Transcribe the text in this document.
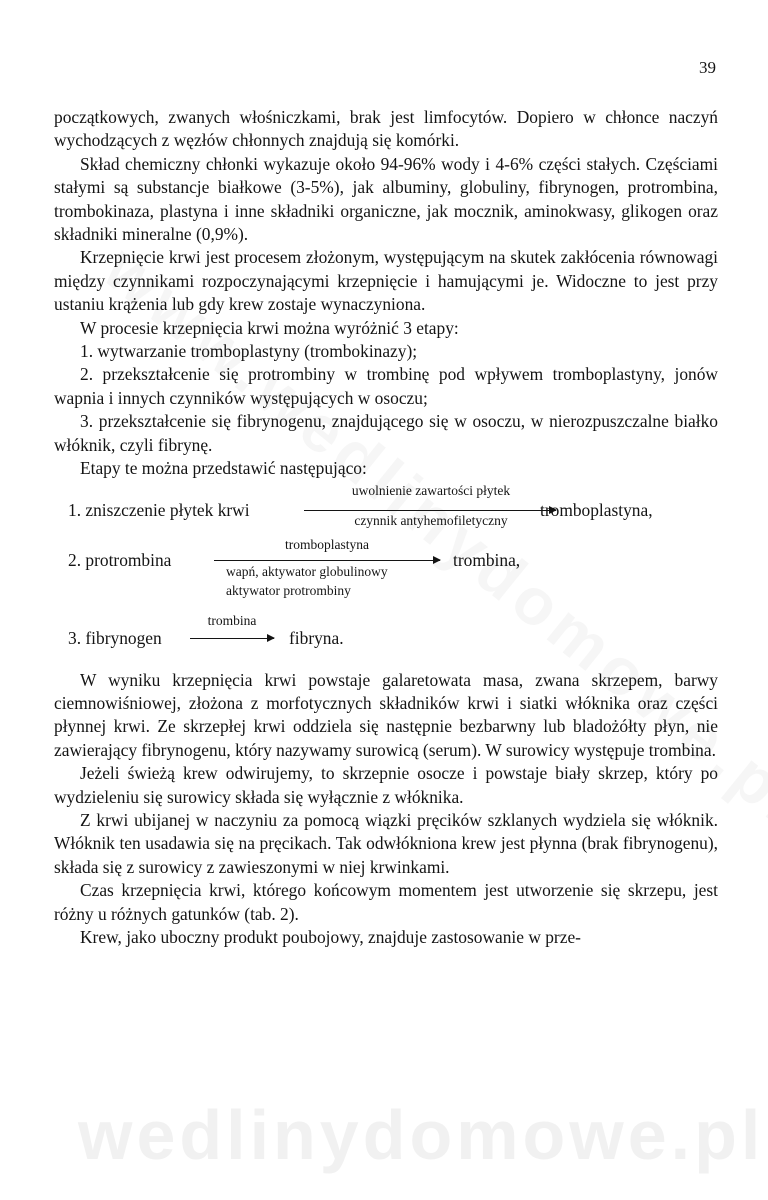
39

początkowych, zwanych włośniczkami, brak jest limfocytów. Dopiero w chłonce naczyń wychodzących z węzłów chłonnych znajdują się komórki.

Skład chemiczny chłonki wykazuje około 94-96% wody i 4-6% części stałych. Częściami stałymi są substancje białkowe (3-5%), jak albuminy, globuliny, fibrynogen, protrombina, trombokinaza, plastyna i inne składniki organiczne, jak mocznik, aminokwasy, glikogen oraz składniki mineralne (0,9%).

Krzepnięcie krwi jest procesem złożonym, występującym na skutek zakłócenia równowagi między czynnikami rozpoczynającymi krzepnięcie i hamującymi je. Widoczne to jest przy ustaniu krążenia lub gdy krew zostaje wynaczyniona.

W procesie krzepnięcia krwi można wyróżnić 3 etapy:

1. wytwarzanie tromboplastyny (trombokinazy);

2. przekształcenie się protrombiny w trombinę pod wpływem tromboplastyny, jonów wapnia i innych czynników występujących w osoczu;

3. przekształcenie się fibrynogenu, znajdującego się w osoczu, w nierozpuszczalne białko włóknik, czyli fibrynę.

Etapy te można przedstawić następująco:

1. zniszczenie płytek krwi
uwolnienie zawartości płytek
czynnik antyhemofiletyczny
tromboplastyna,
2. protrombina
tromboplastyna
wapń, aktywator globulinowy
aktywator protrombiny
trombina,
3. fibrynogen
trombina
fibryna.

W wyniku krzepnięcia krwi powstaje galaretowata masa, zwana skrzepem, barwy ciemnowiśniowej, złożona z morfotycznych składników krwi i siatki włóknika oraz części płynnej krwi. Ze skrzepłej krwi oddziela się następnie bezbarwny lub bladożółty płyn, nie zawierający fibrynogenu, który nazywamy surowicą (serum). W surowicy występuje trombina.

Jeżeli świeżą krew odwirujemy, to skrzepnie osocze i powstaje biały skrzep, który po wydzieleniu się surowicy składa się wyłącznie z włóknika.

Z krwi ubijanej w naczyniu za pomocą wiązki pręcików szklanych wydziela się włóknik. Włóknik ten usadawia się na pręcikach. Tak odwłókniona krew jest płynna (brak fibrynogenu), składa się z surowicy z zawieszonymi w niej krwinkami.

Czas krzepnięcia krwi, którego końcowym momentem jest utworzenie się skrzepu, jest różny u różnych gatunków (tab. 2).

Krew, jako uboczny produkt poubojowy, znajduje zastosowanie w prze-

wedlinydomowe.pl
